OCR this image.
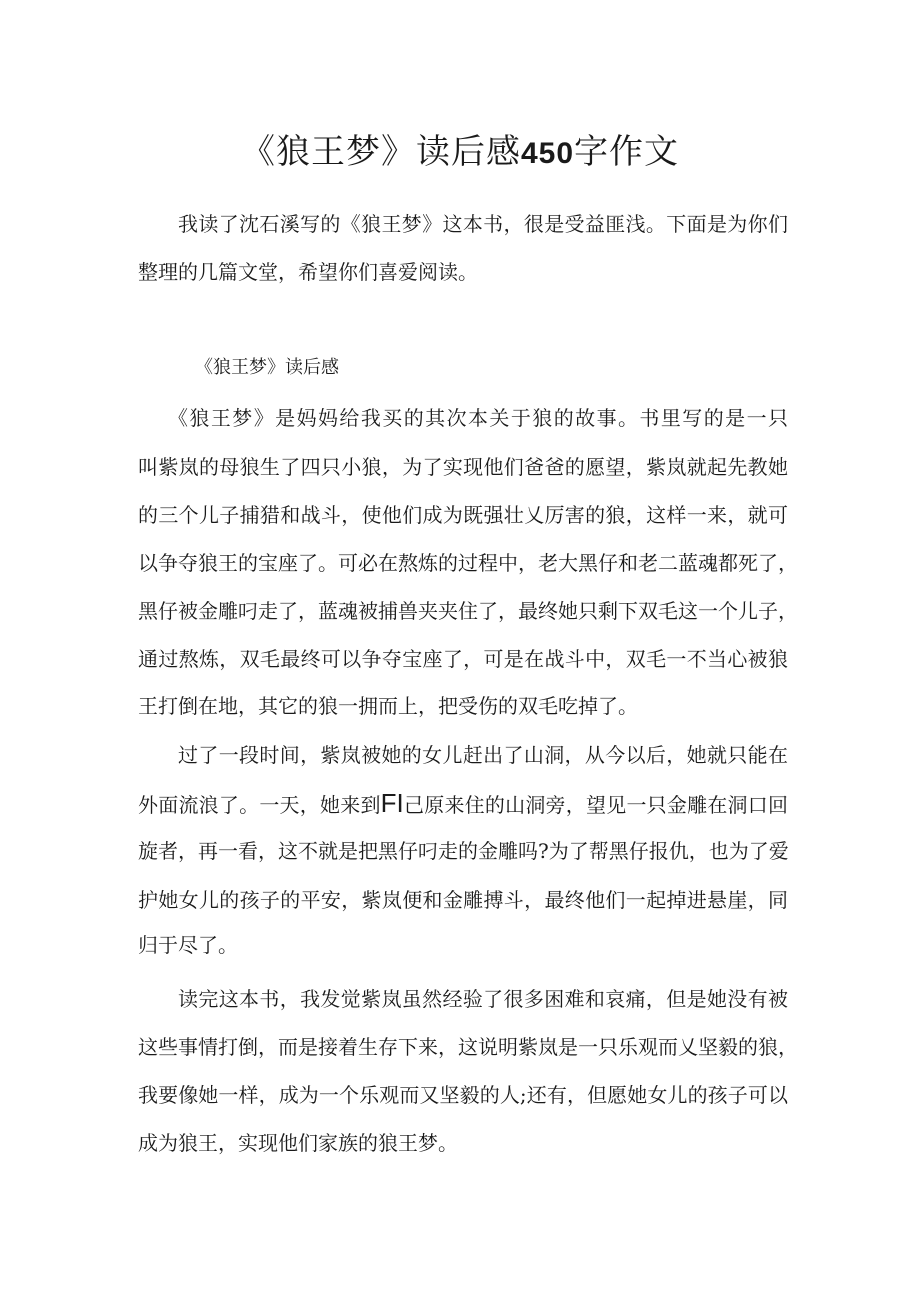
《狼王梦》读后感450字作文
我读了沈石溪写的《狼王梦》这本书，很是受益匪浅。下面是为你们
整理的几篇文堂，希望你们喜爱阅读。
《狼王梦》读后感
《狼王梦》是妈妈给我买的其次本关于狼的故事。书里写的是一只
叫紫岚的母狼生了四只小狼，为了实现他们爸爸的愿望，紫岚就起先教她
的三个儿子捕猎和战斗，使他们成为既强壮乂厉害的狼，这样一来，就可
以争夺狼王的宝座了。可必在熬炼的过程中，老大黑仔和老二蓝魂都死了，
黑仔被金雕叼走了，蓝魂被捕兽夹夹住了，最终她只剩下双毛这一个儿子，
通过熬炼，双毛最终可以争夺宝座了，可是在战斗中，双毛一不当心被狼
王打倒在地，其它的狼一拥而上，把受伤的双毛吃掉了。
过了一段时间，紫岚被她的女儿赶出了山洞，从今以后，她就只能在
外面流浪了。一天，她来到FI己原来住的山洞旁，望见一只金雕在洞口回
旋者，再一看，这不就是把黑仔叼走的金雕吗?为了帮黑仔报仇，也为了爱
护她女儿的孩子的平安，紫岚便和金雕搏斗，最终他们一起掉进悬崖，同
归于尽了。
读完这本书，我发觉紫岚虽然经验了很多困难和哀痛，但是她没有被
这些事情打倒，而是接着生存下来，这说明紫岚是一只乐观而乂坚毅的狼，
我要像她一样，成为一个乐观而又坚毅的人;还有，但愿她女儿的孩子可以
成为狼王，实现他们家族的狼王梦。
